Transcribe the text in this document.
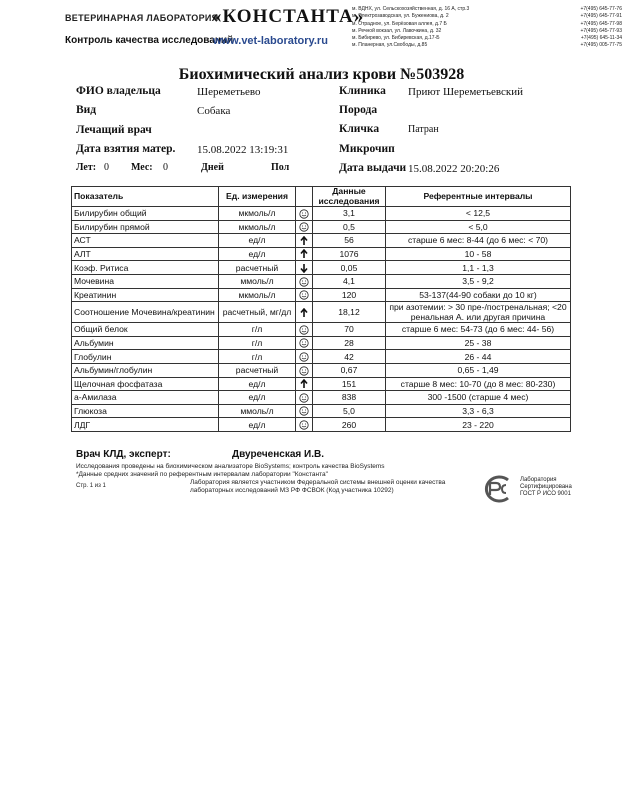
ВЕТЕРИНАРНАЯ ЛАБОРАТОРИЯ
«КОНСТАНТА»
Контроль качества исследований
www.vet-laboratory.ru
м. ВДНХ, ул. Сельскохозяйственная, д. 16 А, стр.3	+7(495) 645-77-76
м. Электрозаводская, ул. Бужениова, д. 2	+7(495) 645-77-91
м. Отрадное, ул. Берёзовая аллея, д.7 Б	+7(495) 645-77-98
м. Речной вокзал, ул. Лавочкина, д. 32	+7(495) 645-77-93
м. Бибирево, ул. Бибиревская, д.17-Б	+7(495) 645-11-34
м. Планерная, ул.Свободы, д.85	+7(495) 005-77-75
Биохимический анализ крови №503928
ФИО владельца	Шереметьево	Клиника Приют Шереметьевский
Вид	Собака	Порода
Лечащий врач	Кличка	Патран
Дата взятия матер. 15.08.2022 13:19:31	Микрочип
Лет: 0 Мес: 0	Дней	Пол	Дата выдачи 15.08.2022 20:20:26
Показатель	Ед. измерения		Данные исследования	Референтные интервалы
Билирубин общий	мкмоль/л		3,1	< 12,5
Билирубин прямой	мкмоль/л		0,5	< 5,0
АСТ	ед/л		56	старше 6 мес: 8-44 (до 6 мес: < 70)
АЛТ	ед/л		1076	10 - 58
Коэф. Ритиса	расчетный		0,05	1,1 - 1,3
Мочевина	ммоль/л		4,1	3,5 - 9,2
Креатинин	мкмоль/л		120	53-137(44-90 собаки до 10 кг)
Соотношение Мочевина/креатинин	расчетный, мг/дл		18,12	при азотемии: > 30 пре-/постренальная; <20 ренальная А. или другая причина
Общий белок	г/л		70	старше 6 мес: 54-73 (до 6 мес: 44- 56)
Альбумин	г/л		28	25 - 38
Глобулин	г/л		42	26 - 44
Альбумин/глобулин	расчетный		0,67	0,65 - 1,49
Щелочная фосфатаза	ед/л		151	старше 8 мес: 10-70 (до 8 мес: 80-230)
а-Амилаза	ед/л		838	300 -1500 (старше 4 мес)
Глюкоза	ммоль/л		5,0	3,3 - 6,3
ЛДГ	ед/л		260	23 - 220
Врач КЛД, эксперт:	Двуреченская И.В.
Исследования проведены на биохимическом анализаторе BioSystems; контроль качества BioSystems
*Данные средних значений по референтным интервалам лаборатории "Константа"
Стр. 1 из 1	Лаборатория является участником Федеральной системы внешней оценки качества лабораторных исследований МЗ РФ ФСВОК (Код участника 10292)
Лаборатория
Сертифицирована
ГОСТ Р ИСО 9001
